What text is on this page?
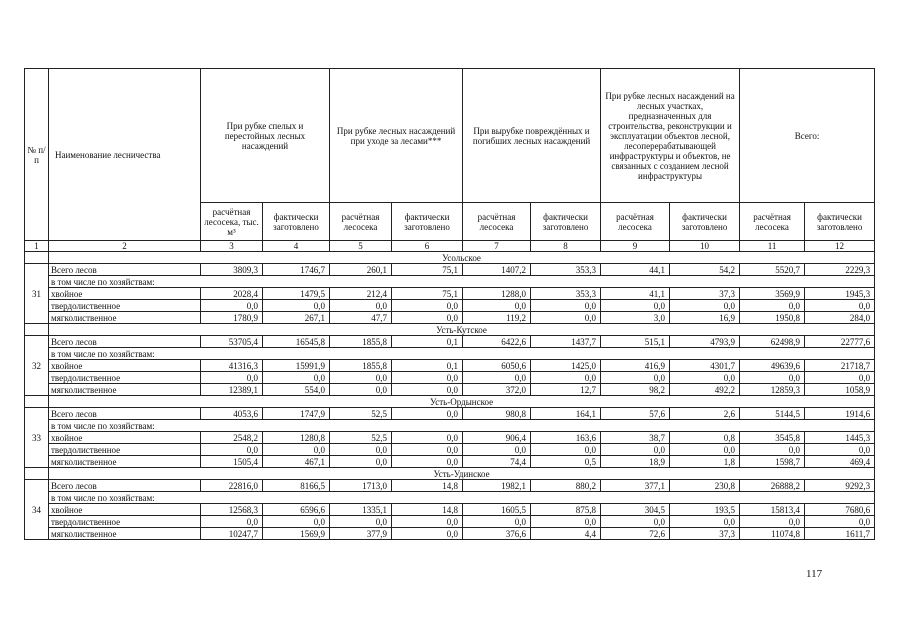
№ п/п	Наименование лесничества	При рубке спелых и перестойных лесных насаждений		При рубке лесных насаждений при уходе за лесами***		При вырубке повреждённых и погибших лесных насаждений		При рубке лесных насаждений на лесных участках, предназначенных для строительства, реконструкции и эксплуатации объектов лесной, лесоперерабатывающей инфраструктуры и объектов, не связанных с созданием лесной инфраструктуры		Всего:	
		расчётная лесосека, тыс. м³	фактически заготовлено	расчётная лесосека	фактически заготовлено	расчётная лесосека	фактически заготовлено	расчётная лесосека	фактически заготовлено	расчётная лесосека	фактически заготовлено
1	2	3	4	5	6	7	8	9	10	11	12
	Усольское										
31	Всего лесов	3809,3	1746,7	260,1	75,1	1407,2	353,3	44,1	54,2	5520,7	2229,3
	в том числе по хозяйствам:										
	хвойное	2028,4	1479,5	212,4	75,1	1288,0	353,3	41,1	37,3	3569,9	1945,3
	твердолиственное	0,0	0,0	0,0	0,0	0,0	0,0	0,0	0,0	0,0	0,0
	мягколиственное	1780,9	267,1	47,7	0,0	119,2	0,0	3,0	16,9	1950,8	284,0
	Усть-Кутское										
32	Всего лесов	53705,4	16545,8	1855,8	0,1	6422,6	1437,7	515,1	4793,9	62498,9	22777,6
	в том числе по хозяйствам:										
	хвойное	41316,3	15991,9	1855,8	0,1	6050,6	1425,0	416,9	4301,7	49639,6	21718,7
	твердолиственное	0,0	0,0	0,0	0,0	0,0	0,0	0,0	0,0	0,0	0,0
	мягколиственное	12389,1	554,0	0,0	0,0	372,0	12,7	98,2	492,2	12859,3	1058,9
	Усть-Ордынское										
33	Всего лесов	4053,6	1747,9	52,5	0,0	980,8	164,1	57,6	2,6	5144,5	1914,6
	в том числе по хозяйствам:										
	хвойное	2548,2	1280,8	52,5	0,0	906,4	163,6	38,7	0,8	3545,8	1445,3
	твердолиственное	0,0	0,0	0,0	0,0	0,0	0,0	0,0	0,0	0,0	0,0
	мягколиственное	1505,4	467,1	0,0	0,0	74,4	0,5	18,9	1,8	1598,7	469,4
	Усть-Удинское										
34	Всего лесов	22816,0	8166,5	1713,0	14,8	1982,1	880,2	377,1	230,8	26888,2	9292,3
	в том числе по хозяйствам:										
	хвойное	12568,3	6596,6	1335,1	14,8	1605,5	875,8	304,5	193,5	15813,4	7680,6
	твердолиственное	0,0	0,0	0,0	0,0	0,0	0,0	0,0	0,0	0,0	0,0
	мягколиственное	10247,7	1569,9	377,9	0,0	376,6	4,4	72,6	37,3	11074,8	1611,7
117
